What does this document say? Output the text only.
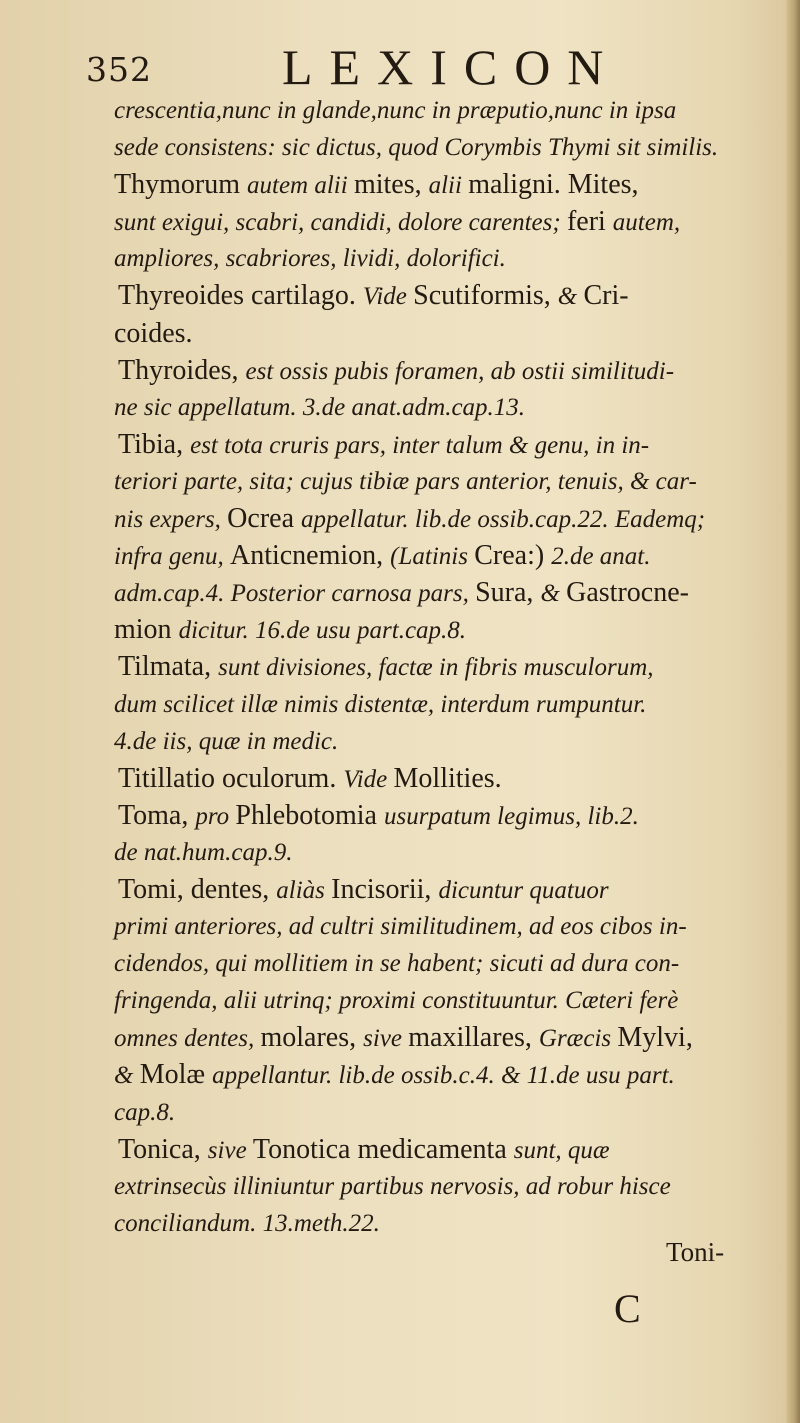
352	LEXICON
crescentia,nunc in glande,nunc in præputio,nunc in ipsa
sede consistens: sic dictus, quod Corymbis Thymi sit similis.
Thymorum autem alii mites, alii maligni. Mites,
sunt exigui, scabri, candidi, dolore carentes; feri autem,
ampliores, scabriores, lividi, dolorifici.
Thyreoides cartilago. Vide Scutiformis, & Cri-
coides.
Thyroides, est ossis pubis foramen, ab ostii similitudi-
ne sic appellatum. 3.de anat.adm.cap.13.
Tibia, est tota cruris pars, inter talum & genu, in in-
teriori parte, sita; cujus tibiæ pars anterior, tenuis, & car-
nis expers, Ocrea appellatur. lib.de ossib.cap.22. Eademq;
infra genu, Anticnemion, (Latinis Crea:) 2.de anat.
adm.cap.4. Posterior carnosa pars, Sura, & Gastrocne-
mion dicitur. 16.de usu part.cap.8.
Tilmata, sunt divisiones, factæ in fibris musculorum,
dum scilicet illæ nimis distentæ, interdum rumpuntur.
4.de iis, quæ in medic.
Titillatio oculorum. Vide Mollities.
Toma, pro Phlebotomia usurpatum legimus, lib.2.
de nat.hum.cap.9.
Tomi, dentes, aliàs Incisorii, dicuntur quatuor
primi anteriores, ad cultri similitudinem, ad eos cibos in-
cidendos, qui mollitiem in se habent; sicuti ad dura con-
fringenda, alii utrinq; proximi constituuntur. Cæteri ferè
omnes dentes, molares, sive maxillares, Græcis Mylvi,
& Molæ appellantur. lib.de ossib.c.4. & 11.de usu part.
cap.8.
Tonica, sive Tonotica medicamenta sunt, quæ
extrinsecùs illiniuntur partibus nervosis, ad robur hisce
conciliandum. 13.meth.22.
Toni-
C
